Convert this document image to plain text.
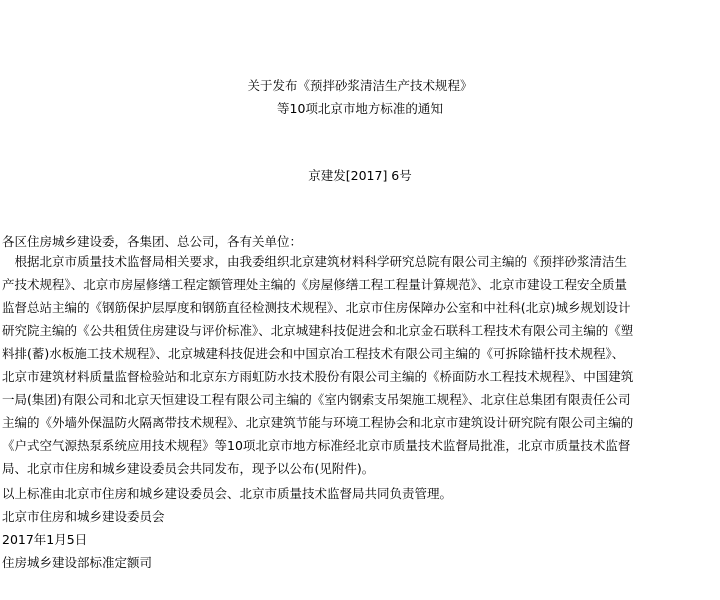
关于发布《预拌砂浆清洁生产技术规程》
等10项北京市地方标准的通知
京建发[2017] 6号
各区住房城乡建设委，各集团、总公司，各有关单位：
　根据北京市质量技术监督局相关要求，由我委组织北京建筑材料科学研究总院有限公司主编的《预拌砂浆清洁生
产技术规程》、北京市房屋修缮工程定额管理处主编的《房屋修缮工程工程量计算规范》、北京市建设工程安全质量
监督总站主编的《钢筋保护层厚度和钢筋直径检测技术规程》、北京市住房保障办公室和中社科(北京)城乡规划设计
研究院主编的《公共租赁住房建设与评价标准》、北京城建科技促进会和北京金石联科工程技术有限公司主编的《塑
料排(蓄)水板施工技术规程》、北京城建科技促进会和中国京冶工程技术有限公司主编的《可拆除锚杆技术规程》、
北京市建筑材料质量监督检验站和北京东方雨虹防水技术股份有限公司主编的《桥面防水工程技术规程》、中国建筑
一局(集团)有限公司和北京天恒建设工程有限公司主编的《室内钢索支吊架施工规程》、北京住总集团有限责任公司
主编的《外墙外保温防火隔离带技术规程》、北京建筑节能与环境工程协会和北京市建筑设计研究院有限公司主编的
《户式空气源热泵系统应用技术规程》等10项北京市地方标准经北京市质量技术监督局批准，北京市质量技术监督
局、北京市住房和城乡建设委员会共同发布，现予以公布(见附件)。
以上标准由北京市住房和城乡建设委员会、北京市质量技术监督局共同负责管理。
北京市住房和城乡建设委员会
2017年1月5日
住房城乡建设部标准定额司
